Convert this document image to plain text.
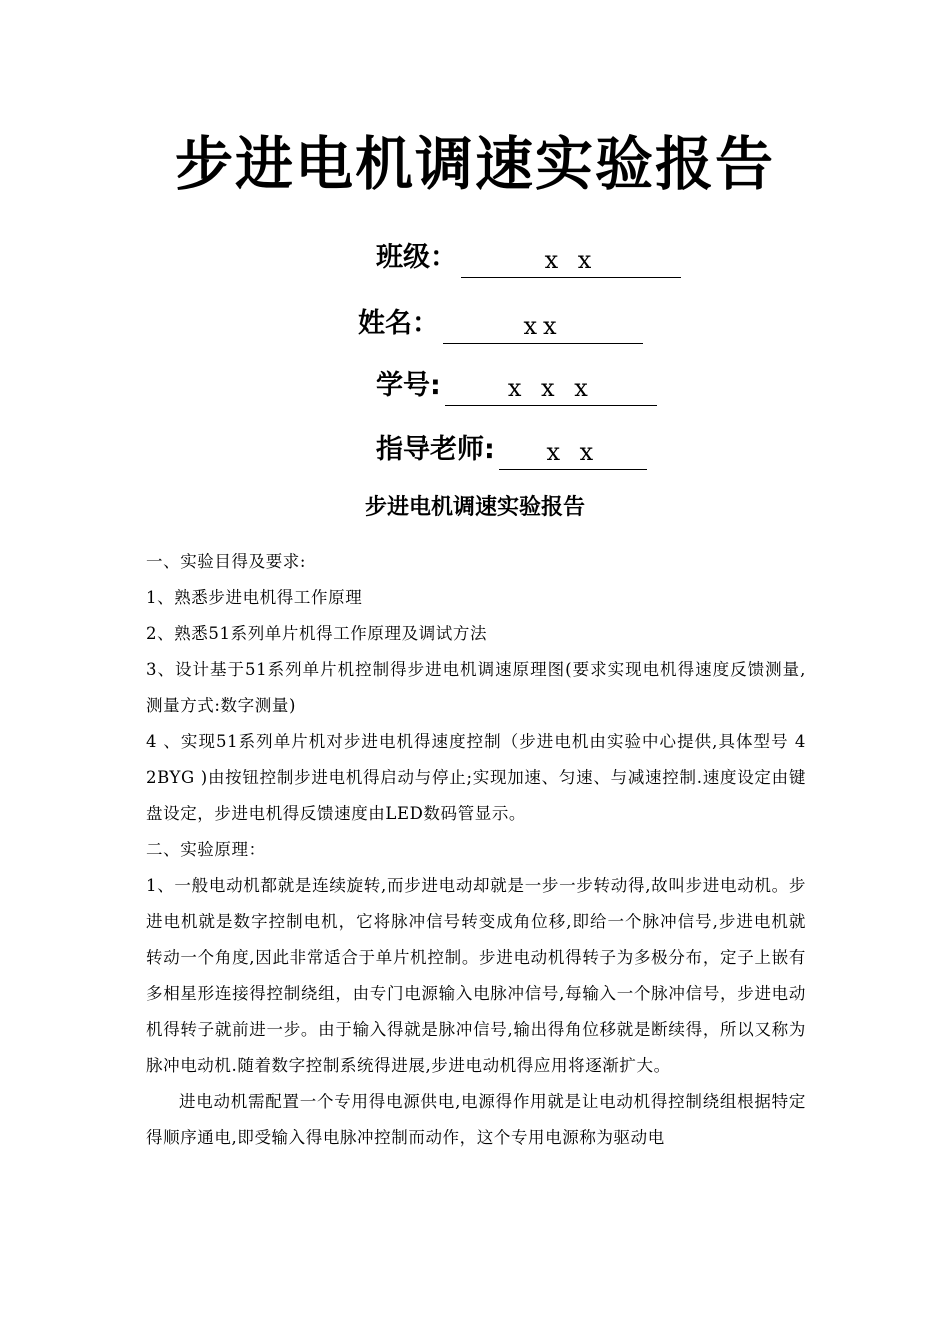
步进电机调速实验报告
班级：	x x
姓名：	xx
学号:	x x x
指导老师:	x x
步进电机调速实验报告

一、实验目得及要求:

1、熟悉步进电机得工作原理

2、熟悉51系列单片机得工作原理及调试方法

3、设计基于51系列单片机控制得步进电机调速原理图(要求实现电机得速度反馈测量,测量方式:数字测量)

4 、实现51系列单片机对步进电机得速度控制（步进电机由实验中心提供,具体型号 4 2BYG )由按钮控制步进电机得启动与停止;实现加速、匀速、与减速控制.速度设定由键盘设定，步进电机得反馈速度由LED数码管显示。

二、实验原理：

1、一般电动机都就是连续旋转,而步进电动却就是一步一步转动得,故叫步进电动机。步进电机就是数字控制电机，它将脉冲信号转变成角位移,即给一个脉冲信号,步进电机就转动一个角度,因此非常适合于单片机控制。步进电动机得转子为多极分布，定子上嵌有多相星形连接得控制绕组，由专门电源输入电脉冲信号,每输入一个脉冲信号，步进电动机得转子就前进一步。由于输入得就是脉冲信号,输出得角位移就是断续得，所以又称为脉冲电动机.随着数字控制系统得进展,步进电动机得应用将逐渐扩大。

进电动机需配置一个专用得电源供电,电源得作用就是让电动机得控制绕组根据特定得顺序通电,即受输入得电脉冲控制而动作，这个专用电源称为驱动电
